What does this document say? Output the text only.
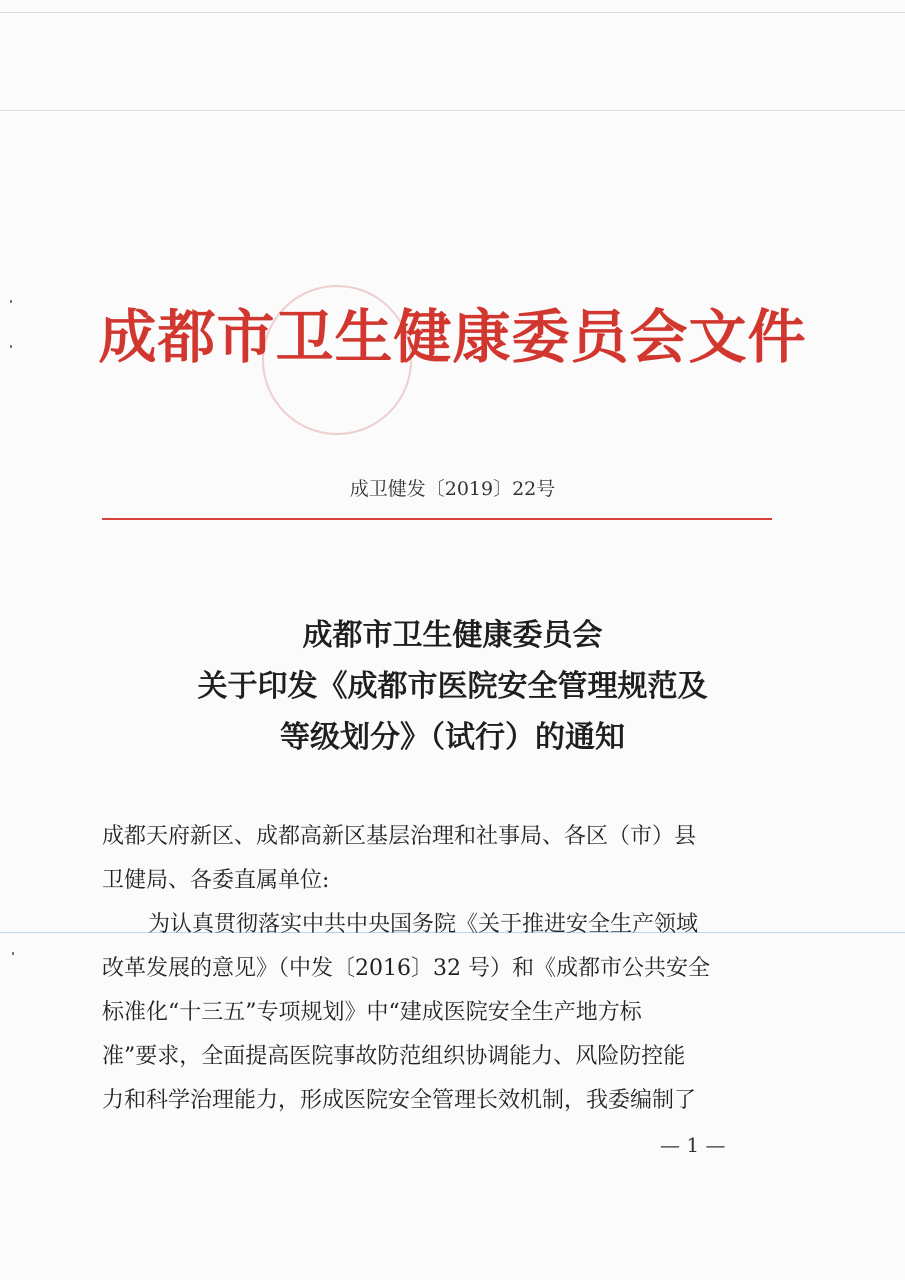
成都市卫生健康委员会文件
成卫健发〔2019〕22号
成都市卫生健康委员会
关于印发《成都市医院安全管理规范及
等级划分》（试行）的通知

成都天府新区、成都高新区基层治理和社事局、各区（市）县

卫健局、各委直属单位:

为认真贯彻落实中共中央国务院《关于推进安全生产领域

改革发展的意见》（中发〔2016〕32 号）和《成都市公共安全

标准化“十三五”专项规划》中“建成医院安全生产地方标

准”要求，全面提高医院事故防范组织协调能力、风险防控能

力和科学治理能力，形成医院安全管理长效机制，我委编制了

— 1 —
